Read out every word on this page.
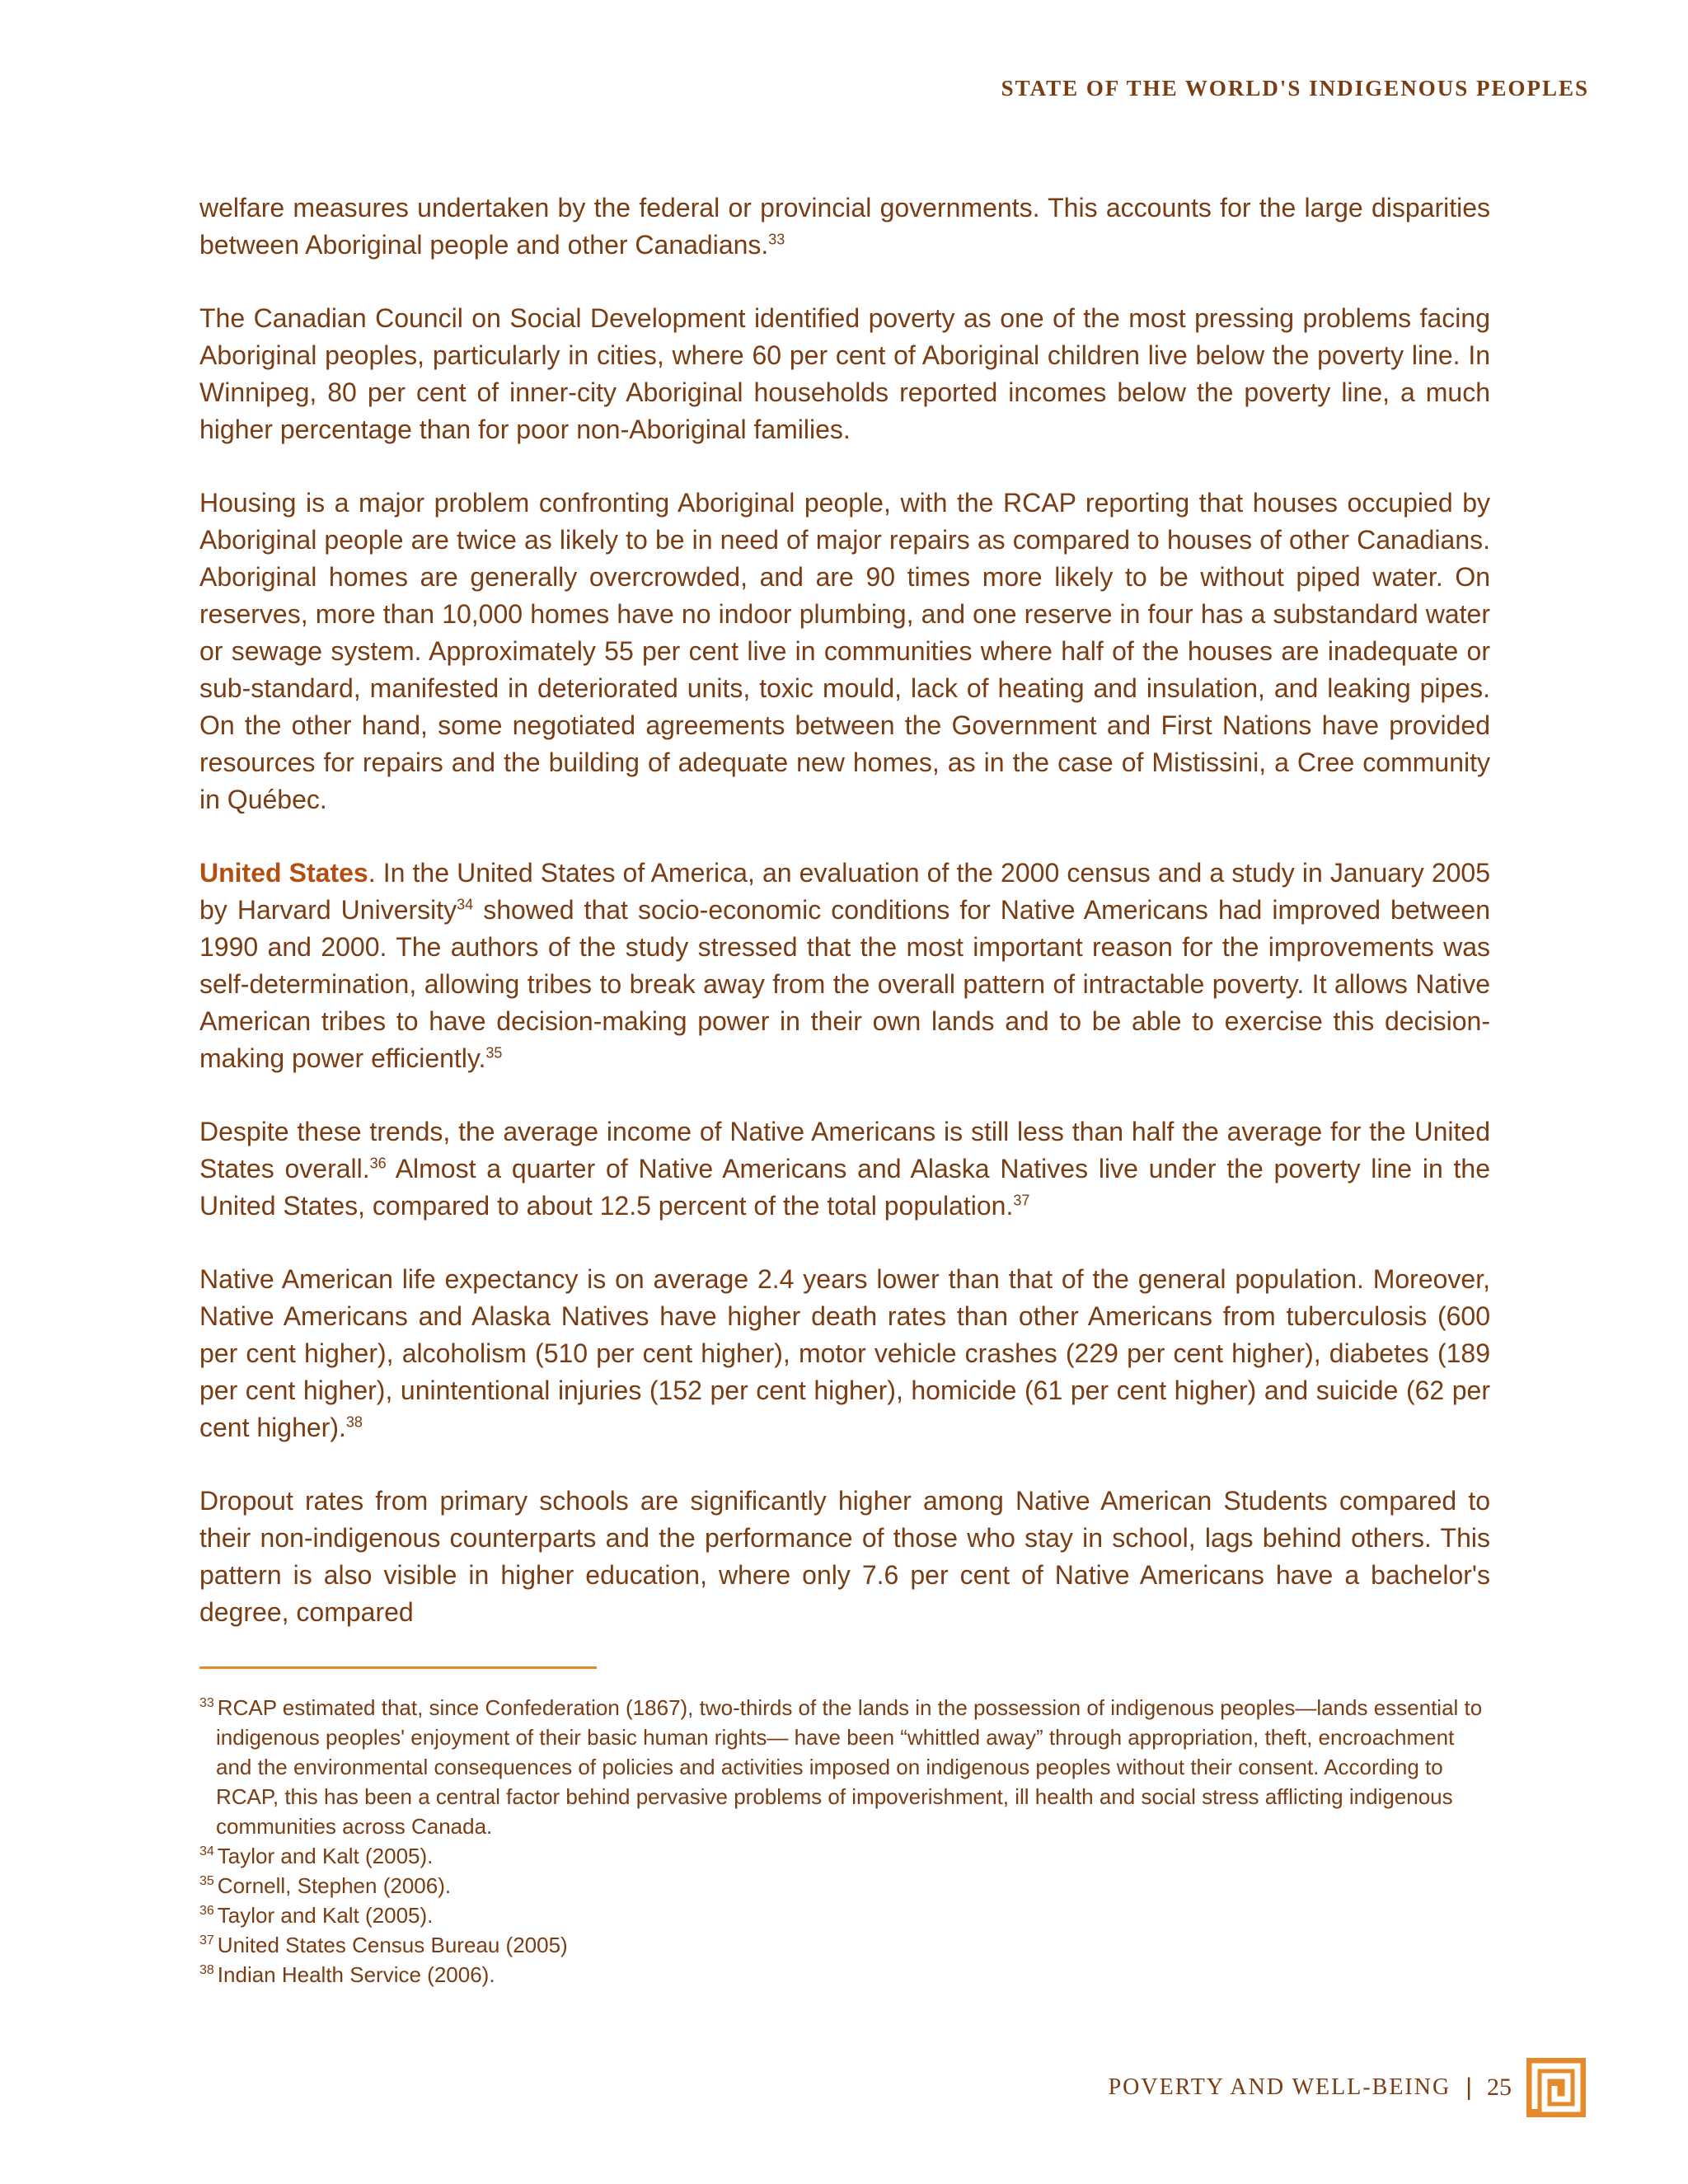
STATE OF THE WORLD'S INDIGENOUS PEOPLES

welfare measures undertaken by the federal or provincial governments. This accounts for the large disparities between Aboriginal people and other Canadians.$^{33}$

The Canadian Council on Social Development identified poverty as one of the most pressing problems facing Aboriginal peoples, particularly in cities, where 60 per cent of Aboriginal children live below the poverty line. In Winnipeg, 80 per cent of inner-city Aboriginal households reported incomes below the poverty line, a much higher percentage than for poor non-Aboriginal families.

Housing is a major problem confronting Aboriginal people, with the RCAP reporting that houses occupied by Aboriginal people are twice as likely to be in need of major repairs as compared to houses of other Canadians. Aboriginal homes are generally overcrowded, and are 90 times more likely to be without piped water. On reserves, more than 10,000 homes have no indoor plumbing, and one reserve in four has a substandard water or sewage system. Approximately 55 per cent live in communities where half of the houses are inadequate or sub-standard, manifested in deteriorated units, toxic mould, lack of heating and insulation, and leaking pipes. On the other hand, some negotiated agreements between the Government and First Nations have provided resources for repairs and the building of adequate new homes, as in the case of Mistissini, a Cree community in Québec.

United States. In the United States of America, an evaluation of the 2000 census and a study in January 2005 by Harvard University$^{34}$ showed that socio-economic conditions for Native Americans had improved between 1990 and 2000. The authors of the study stressed that the most important reason for the improvements was self-determination, allowing tribes to break away from the overall pattern of intractable poverty. It allows Native American tribes to have decision-making power in their own lands and to be able to exercise this decision-making power efficiently.$^{35}$

Despite these trends, the average income of Native Americans is still less than half the average for the United States overall.$^{36}$ Almost a quarter of Native Americans and Alaska Natives live under the poverty line in the United States, compared to about 12.5 percent of the total population.$^{37}$

Native American life expectancy is on average 2.4 years lower than that of the general population. Moreover, Native Americans and Alaska Natives have higher death rates than other Americans from tuberculosis (600 per cent higher), alcoholism (510 per cent higher), motor vehicle crashes (229 per cent higher), diabetes (189 per cent higher), unintentional injuries (152 per cent higher), homicide (61 per cent higher) and suicide (62 per cent higher).$^{38}$

Dropout rates from primary schools are significantly higher among Native American Students compared to their non-indigenous counterparts and the performance of those who stay in school, lags behind others. This pattern is also visible in higher education, where only 7.6 per cent of Native Americans have a bachelor's degree, compared

$^{33}$ RCAP estimated that, since Confederation (1867), two-thirds of the lands in the possession of indigenous peoples—lands essential to indigenous peoples' enjoyment of their basic human rights— have been “whittled away” through appropriation, theft, encroachment and the environmental consequences of policies and activities imposed on indigenous peoples without their consent. According to RCAP, this has been a central factor behind pervasive problems of impoverishment, ill health and social stress afflicting indigenous communities across Canada.

$^{34}$ Taylor and Kalt (2005).

$^{35}$ Cornell, Stephen (2006).

$^{36}$ Taylor and Kalt (2005).

$^{37}$ United States Census Bureau (2005)

$^{38}$ Indian Health Service (2006).

POVERTY AND WELL-BEING | 25
